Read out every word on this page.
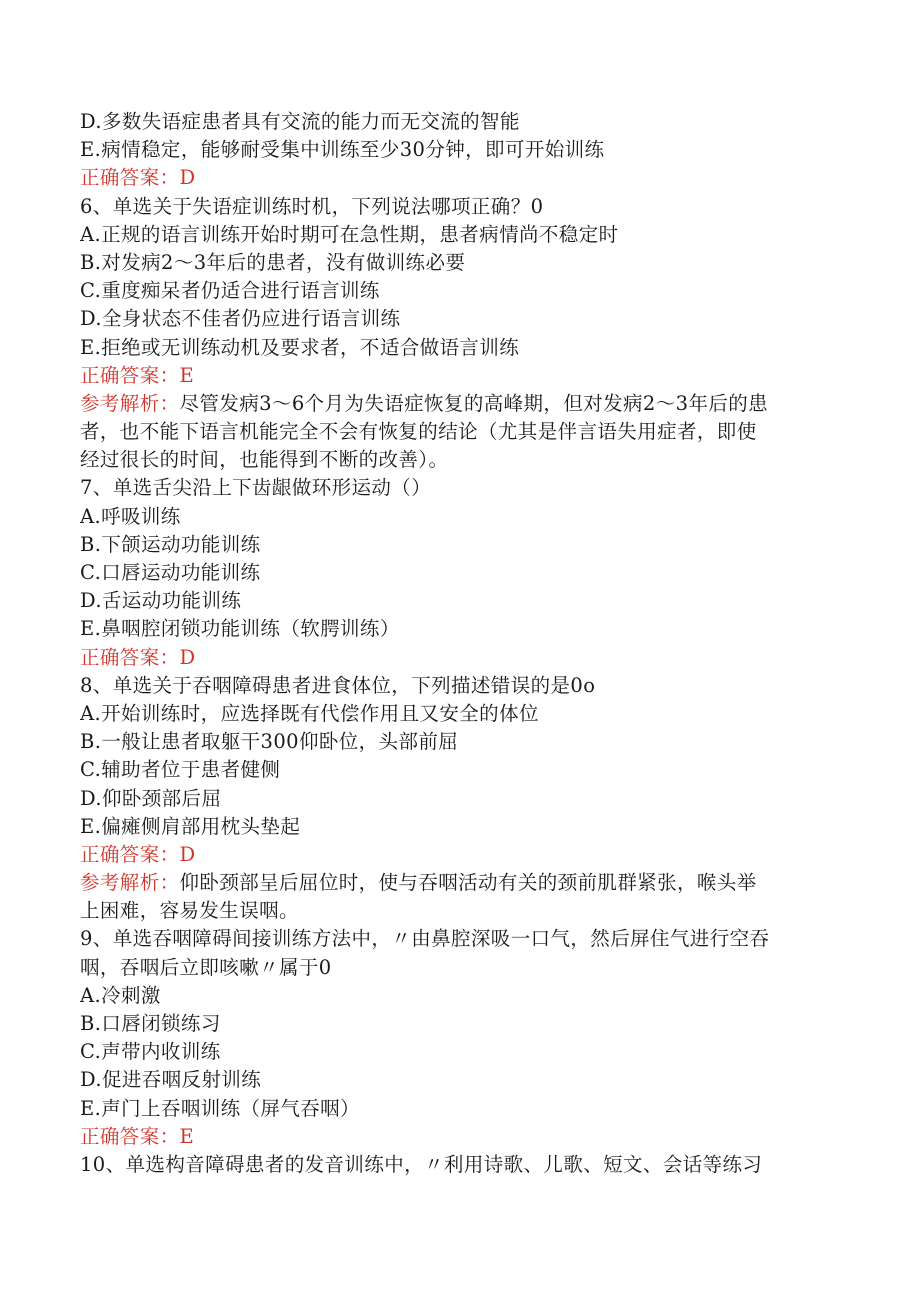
D.多数失语症患者具有交流的能力而无交流的智能
E.病情稳定，能够耐受集中训练至少30分钟，即可开始训练
正确答案：D
6、单选关于失语症训练时机，下列说法哪项正确？0
A.正规的语言训练开始时期可在急性期，患者病情尚不稳定时
B.对发病2～3年后的患者，没有做训练必要
C.重度痴呆者仍适合进行语言训练
D.全身状态不佳者仍应进行语言训练
E.拒绝或无训练动机及要求者，不适合做语言训练
正确答案：E
参考解析：尽管发病3～6个月为失语症恢复的高峰期，但对发病2～3年后的患
者，也不能下语言机能完全不会有恢复的结论（尤其是伴言语失用症者，即使
经过很长的时间，也能得到不断的改善）。
7、单选舌尖沿上下齿龈做环形运动（）
A.呼吸训练
B.下颌运动功能训练
C.口唇运动功能训练
D.舌运动功能训练
E.鼻咽腔闭锁功能训练（软腭训练）
正确答案：D
8、单选关于吞咽障碍患者进食体位，下列描述错误的是0o
A.开始训练时，应选择既有代偿作用且又安全的体位
B.一般让患者取躯干300仰卧位，头部前屈
C.辅助者位于患者健侧
D.仰卧颈部后屈
E.偏瘫侧肩部用枕头垫起
正确答案：D
参考解析：仰卧颈部呈后屈位时，使与吞咽活动有关的颈前肌群紧张，喉头举
上困难，容易发生误咽。
9、单选吞咽障碍间接训练方法中，〃由鼻腔深吸一口气，然后屏住气进行空吞
咽，吞咽后立即咳嗽〃属于0
A.冷刺激
B.口唇闭锁练习
C.声带内收训练
D.促进吞咽反射训练
E.声门上吞咽训练（屏气吞咽）
正确答案：E
10、单选构音障碍患者的发音训练中，〃利用诗歌、儿歌、短文、会话等练习
